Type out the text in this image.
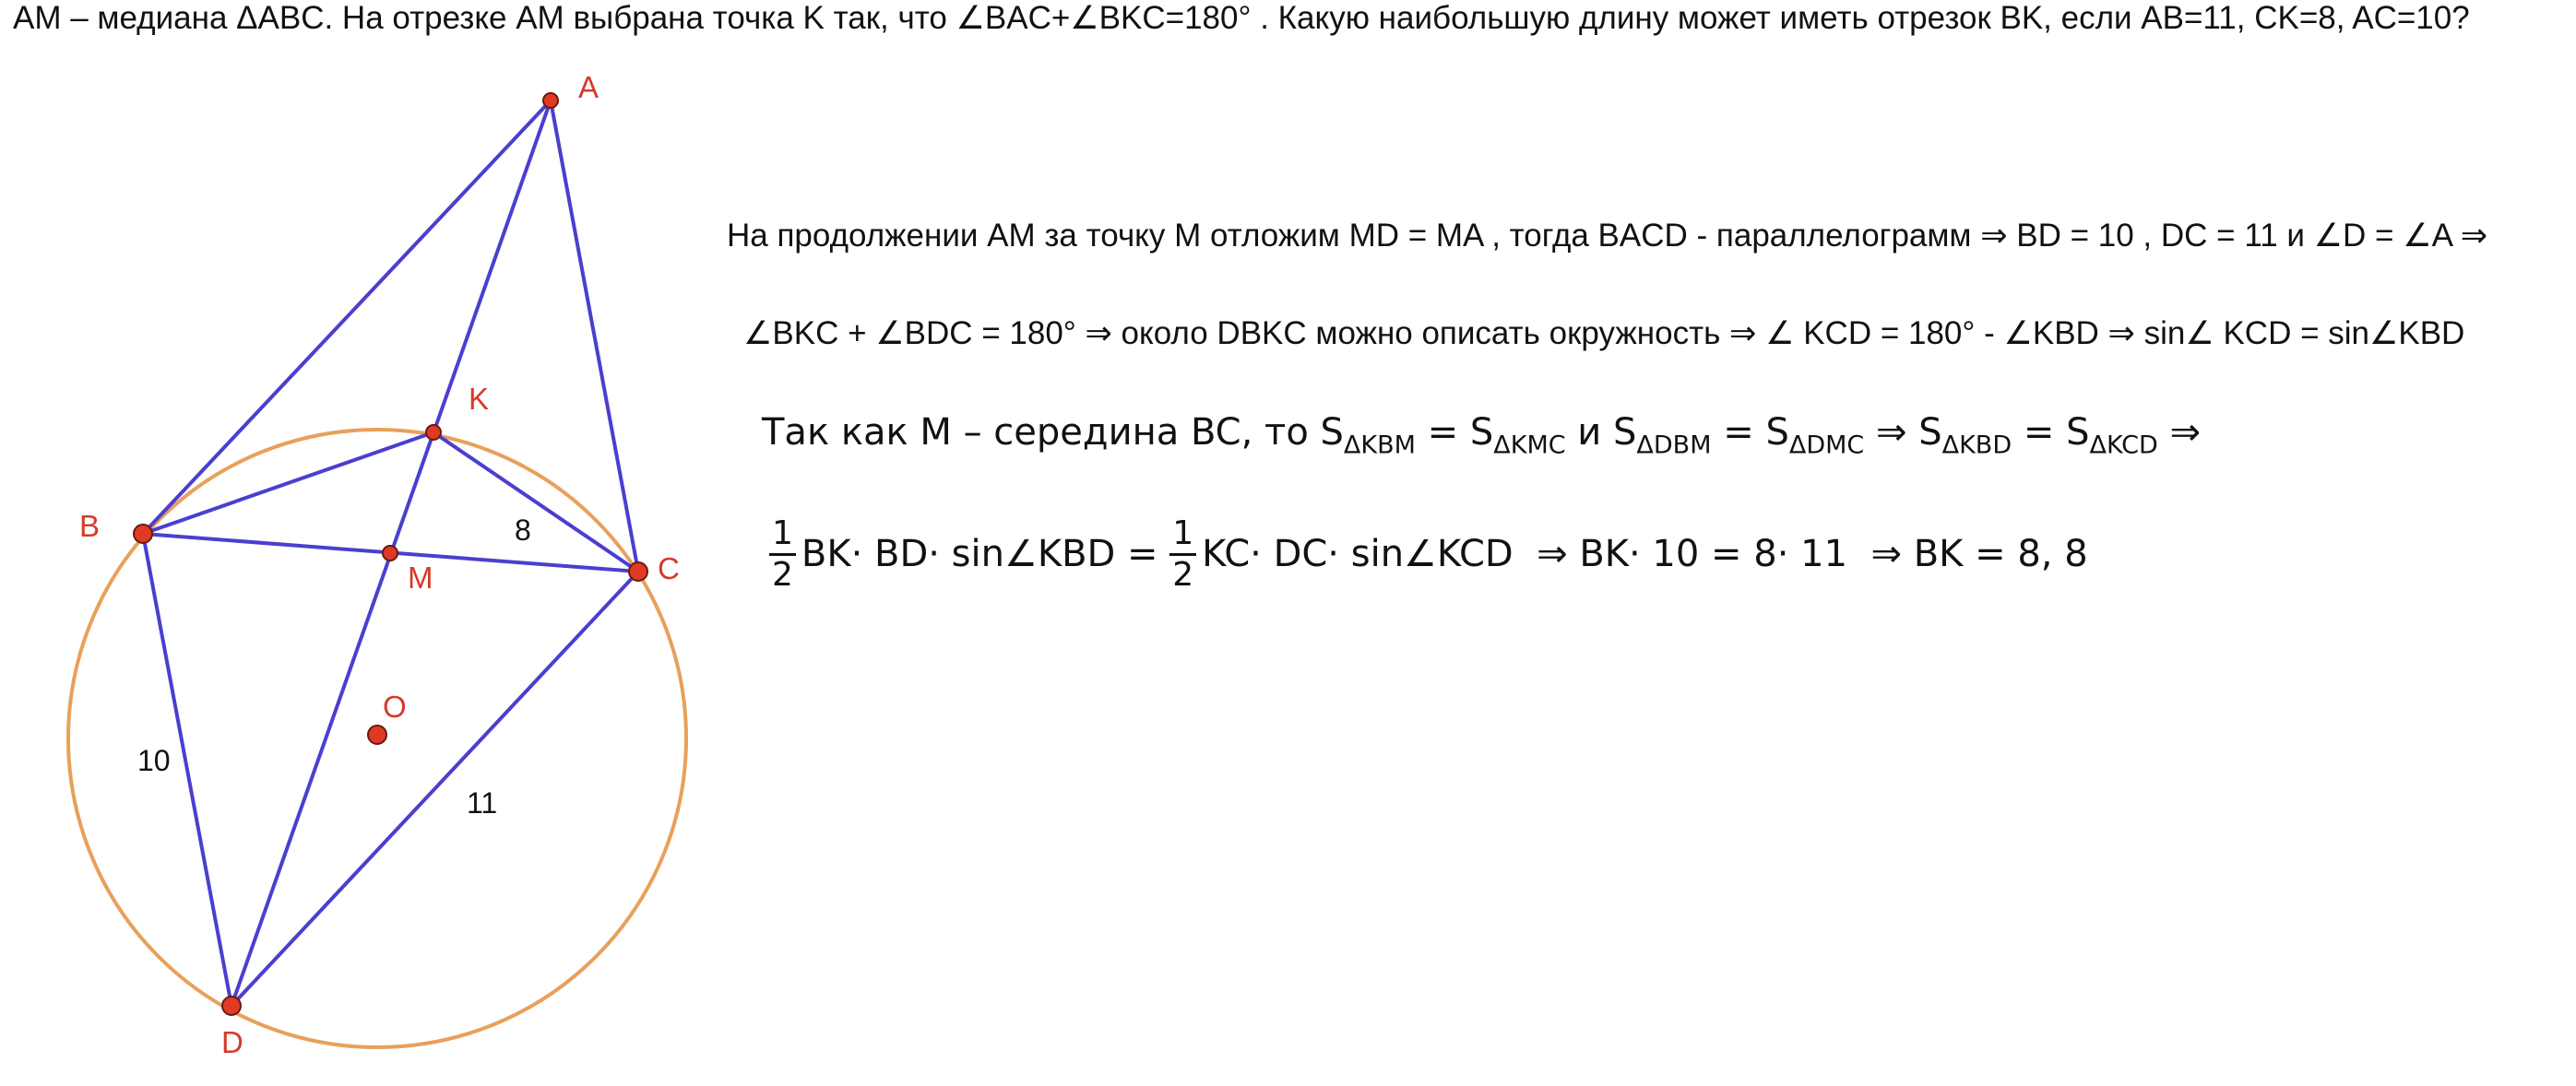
AM – медиана ΔABC. На отрезке AM выбрана точка K так, что ∠BAC+∠BKC=180° . Какую наибольшую длину может иметь отрезок BK, если AB=11, CK=8, AC=10?
A
K
B
M	C
O
D
8
10
11
На продолжении AM за точку M отложим MD = MA , тогда BACD - параллелограмм ⇒ BD = 10 , DC = 11 и ∠D = ∠A ⇒
∠BKC + ∠BDC = 180° ⇒ около DBKC можно описать окружность ⇒ ∠ KCD = 180° - ∠KBD ⇒ sin∠ KCD = sin∠KBD
Так как M – середина BC, то $S_{\Delta KBM} = S_{\Delta KMC}$ и $S_{\Delta DBM} = S_{\Delta DMC}$ ⇒ $S_{\Delta KBD} = S_{\Delta KCD}$ ⇒
$\frac{1}{2} BK\cdot BD\cdot$ sin∠KBD = $\frac{1}{2} KC\cdot DC\cdot$ sin∠KCD  ⇒ BK· 10 = 8· 11  ⇒ BK = 8, 8
